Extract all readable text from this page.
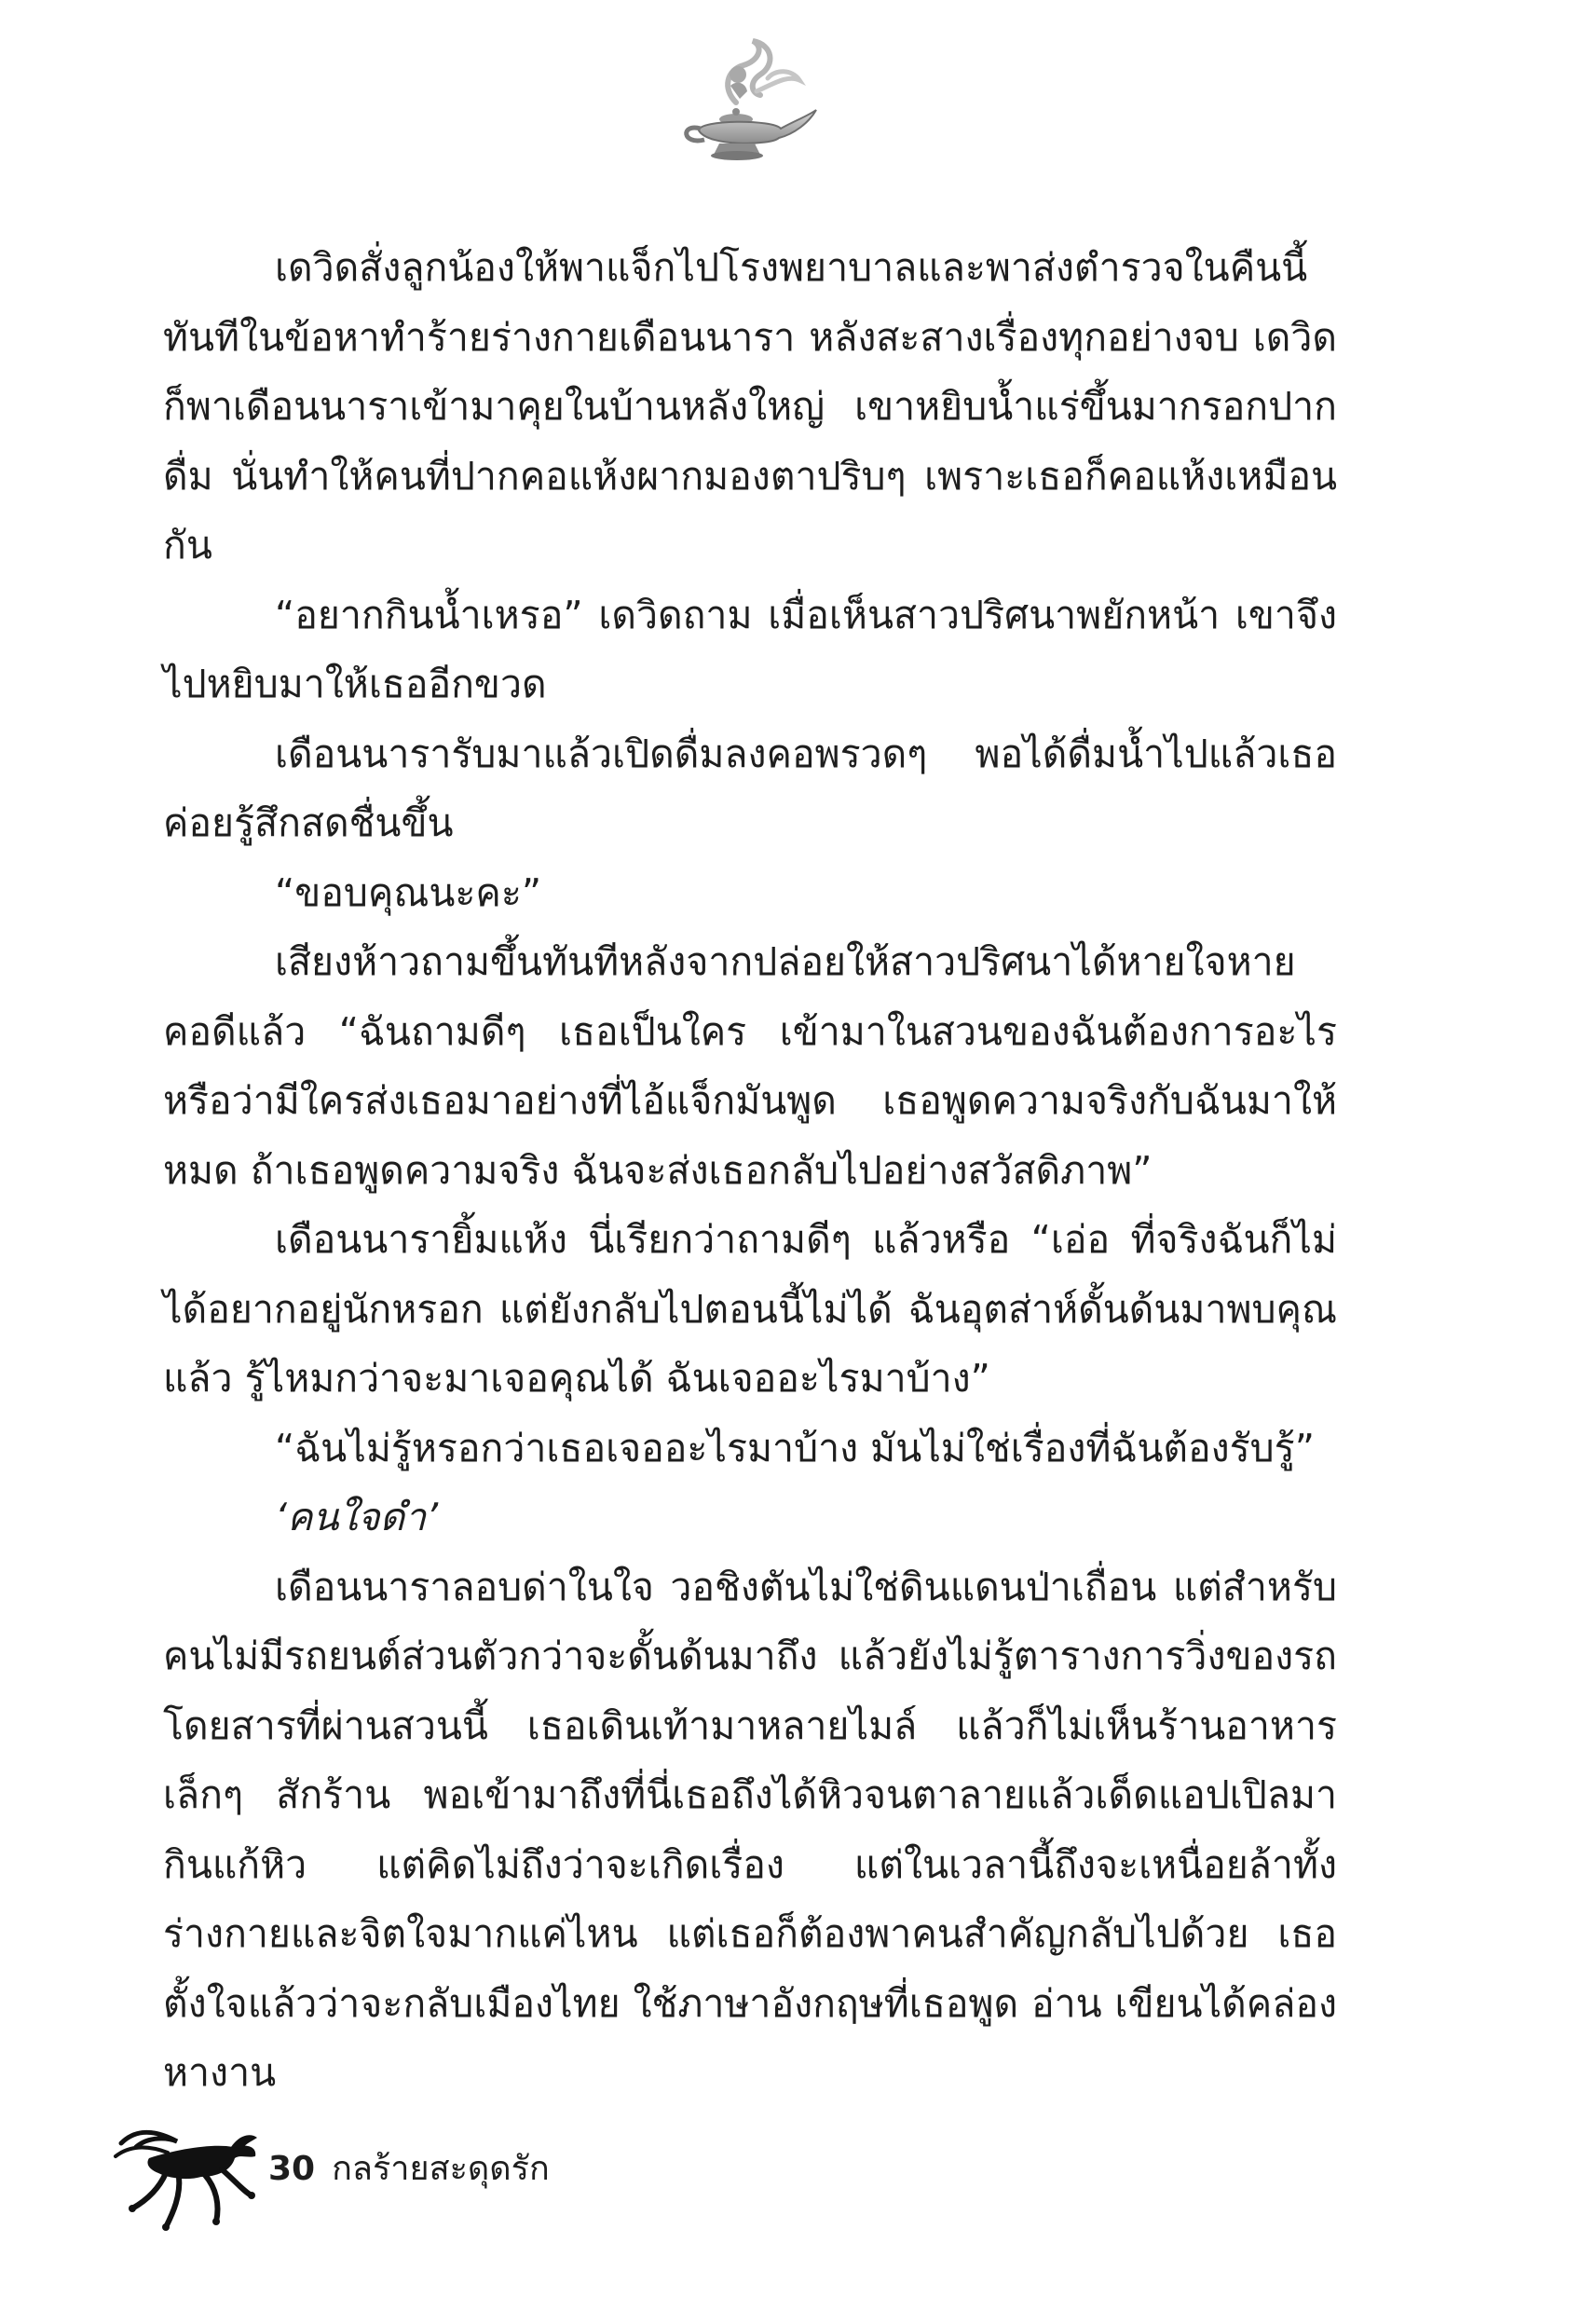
เดวิดสั่งลูกน้องให้พาแจ็กไปโรงพยาบาลและพาส่งตำรวจในคืนนี้ทันทีในข้อหาทำร้ายร่างกายเดือนนารา หลังสะสางเรื่องทุกอย่างจบ เดวิดก็พาเดือนนาราเข้ามาคุยในบ้านหลังใหญ่ เขาหยิบน้ำแร่ขึ้นมากรอกปากดื่ม นั่นทำให้คนที่ปากคอแห้งผากมองตาปริบๆ เพราะเธอก็คอแห้งเหมือนกัน

“อยากกินน้ำเหรอ” เดวิดถาม เมื่อเห็นสาวปริศนาพยักหน้า เขาจึงไปหยิบมาให้เธออีกขวด

เดือนนารารับมาแล้วเปิดดื่มลงคอพรวดๆ พอได้ดื่มน้ำไปแล้วเธอค่อยรู้สึกสดชื่นขึ้น

“ขอบคุณนะคะ”

เสียงห้าวถามขึ้นทันทีหลังจากปล่อยให้สาวปริศนาได้หายใจหายคอดีแล้ว “ฉันถามดีๆ เธอเป็นใคร เข้ามาในสวนของฉันต้องการอะไร หรือว่ามีใครส่งเธอมาอย่างที่ไอ้แจ็กมันพูด เธอพูดความจริงกับฉันมาให้หมด ถ้าเธอพูดความจริง ฉันจะส่งเธอกลับไปอย่างสวัสดิภาพ”

เดือนนารายิ้มแห้ง นี่เรียกว่าถามดีๆ แล้วหรือ “เอ่อ ที่จริงฉันก็ไม่ได้อยากอยู่นักหรอก แต่ยังกลับไปตอนนี้ไม่ได้ ฉันอุตส่าห์ดั้นด้นมาพบคุณแล้ว รู้ไหมกว่าจะมาเจอคุณได้ ฉันเจออะไรมาบ้าง”

“ฉันไม่รู้หรอกว่าเธอเจออะไรมาบ้าง มันไม่ใช่เรื่องที่ฉันต้องรับรู้”

‘คนใจดำ’

เดือนนาราลอบด่าในใจ วอชิงตันไม่ใช่ดินแดนป่าเถื่อน แต่สำหรับคนไม่มีรถยนต์ส่วนตัวกว่าจะดั้นด้นมาถึง แล้วยังไม่รู้ตารางการวิ่งของรถโดยสารที่ผ่านสวนนี้ เธอเดินเท้ามาหลายไมล์ แล้วก็ไม่เห็นร้านอาหารเล็กๆ สักร้าน พอเข้ามาถึงที่นี่เธอถึงได้หิวจนตาลายแล้วเด็ดแอปเปิลมากินแก้หิว แต่คิดไม่ถึงว่าจะเกิดเรื่อง แต่ในเวลานี้ถึงจะเหนื่อยล้าทั้งร่างกายและจิตใจมากแค่ไหน แต่เธอก็ต้องพาคนสำคัญกลับไปด้วย เธอตั้งใจแล้วว่าจะกลับเมืองไทย ใช้ภาษาอังกฤษที่เธอพูด อ่าน เขียนได้คล่องหางาน

30 กลร้ายสะดุดรัก
